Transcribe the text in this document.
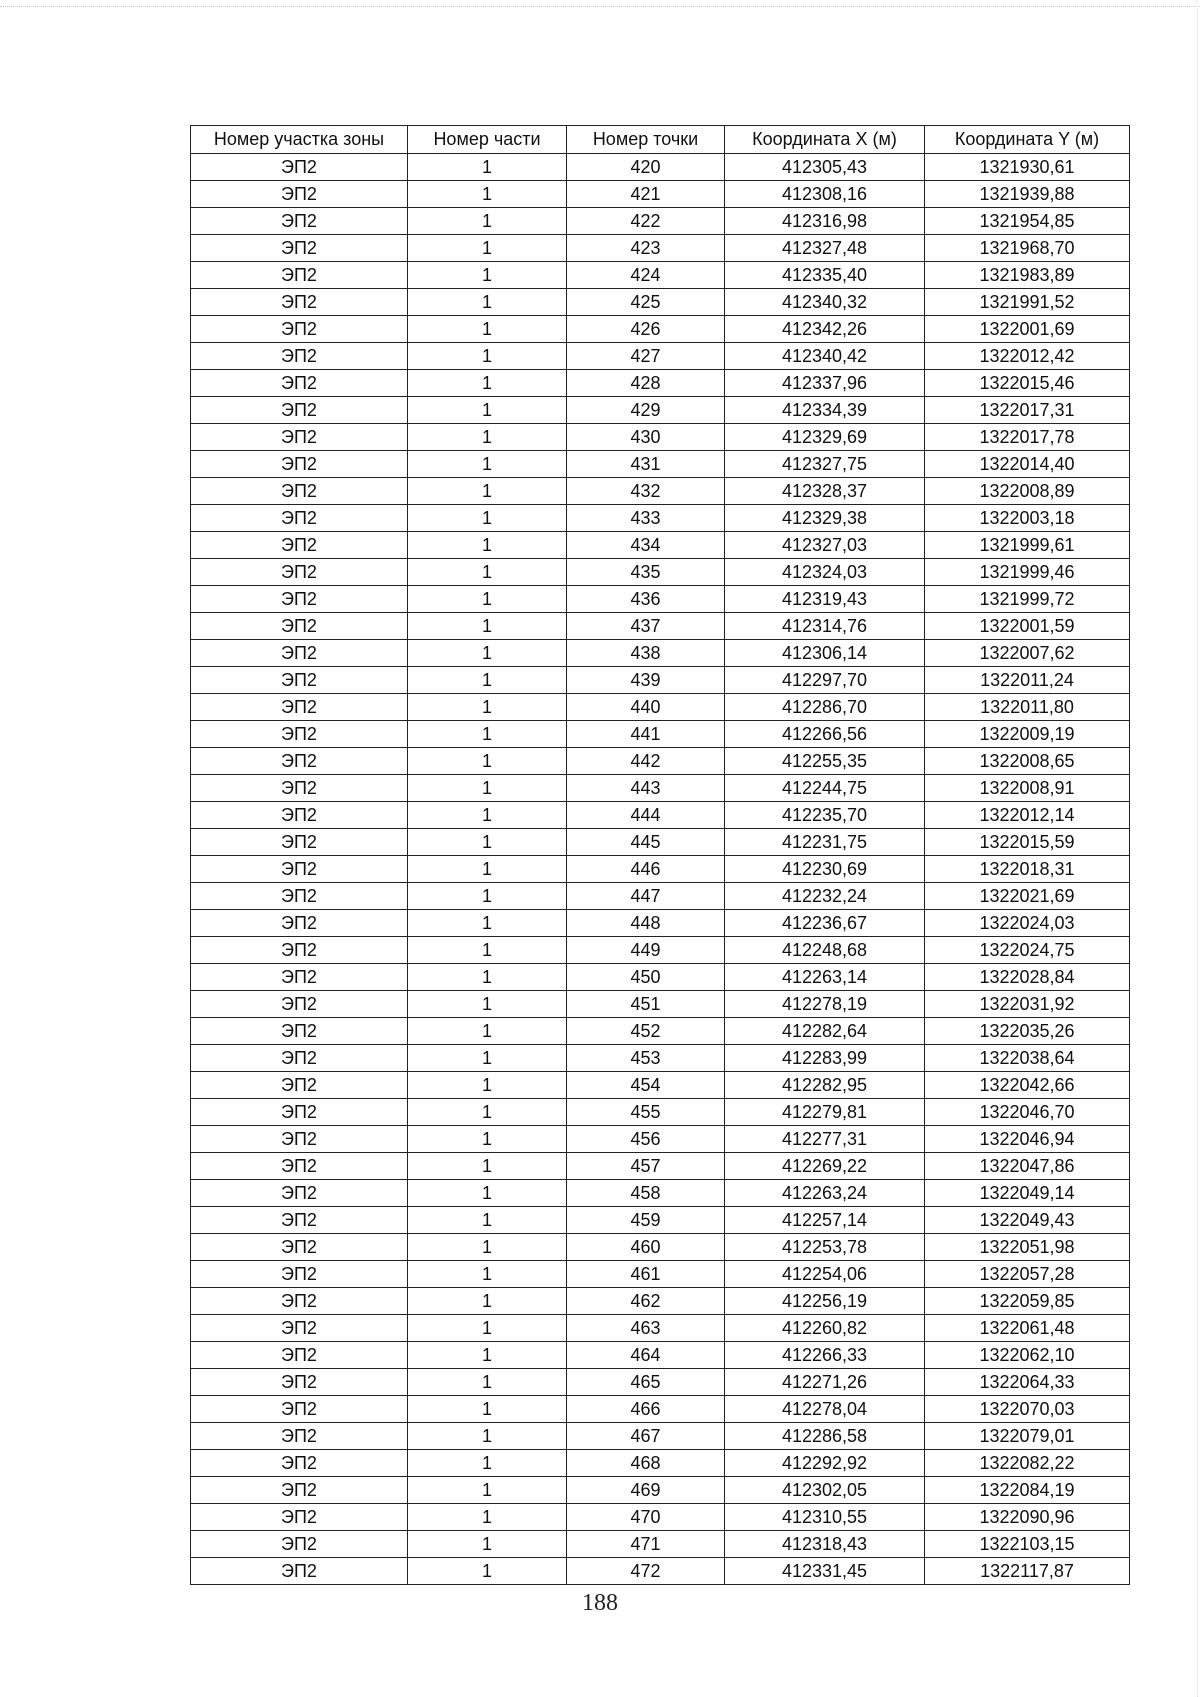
Номер участка зоны	Номер части	Номер точки	Координата X (м)	Координата Y (м)
ЭП2	1	420	412305,43	1321930,61
ЭП2	1	421	412308,16	1321939,88
ЭП2	1	422	412316,98	1321954,85
ЭП2	1	423	412327,48	1321968,70
ЭП2	1	424	412335,40	1321983,89
ЭП2	1	425	412340,32	1321991,52
ЭП2	1	426	412342,26	1322001,69
ЭП2	1	427	412340,42	1322012,42
ЭП2	1	428	412337,96	1322015,46
ЭП2	1	429	412334,39	1322017,31
ЭП2	1	430	412329,69	1322017,78
ЭП2	1	431	412327,75	1322014,40
ЭП2	1	432	412328,37	1322008,89
ЭП2	1	433	412329,38	1322003,18
ЭП2	1	434	412327,03	1321999,61
ЭП2	1	435	412324,03	1321999,46
ЭП2	1	436	412319,43	1321999,72
ЭП2	1	437	412314,76	1322001,59
ЭП2	1	438	412306,14	1322007,62
ЭП2	1	439	412297,70	1322011,24
ЭП2	1	440	412286,70	1322011,80
ЭП2	1	441	412266,56	1322009,19
ЭП2	1	442	412255,35	1322008,65
ЭП2	1	443	412244,75	1322008,91
ЭП2	1	444	412235,70	1322012,14
ЭП2	1	445	412231,75	1322015,59
ЭП2	1	446	412230,69	1322018,31
ЭП2	1	447	412232,24	1322021,69
ЭП2	1	448	412236,67	1322024,03
ЭП2	1	449	412248,68	1322024,75
ЭП2	1	450	412263,14	1322028,84
ЭП2	1	451	412278,19	1322031,92
ЭП2	1	452	412282,64	1322035,26
ЭП2	1	453	412283,99	1322038,64
ЭП2	1	454	412282,95	1322042,66
ЭП2	1	455	412279,81	1322046,70
ЭП2	1	456	412277,31	1322046,94
ЭП2	1	457	412269,22	1322047,86
ЭП2	1	458	412263,24	1322049,14
ЭП2	1	459	412257,14	1322049,43
ЭП2	1	460	412253,78	1322051,98
ЭП2	1	461	412254,06	1322057,28
ЭП2	1	462	412256,19	1322059,85
ЭП2	1	463	412260,82	1322061,48
ЭП2	1	464	412266,33	1322062,10
ЭП2	1	465	412271,26	1322064,33
ЭП2	1	466	412278,04	1322070,03
ЭП2	1	467	412286,58	1322079,01
ЭП2	1	468	412292,92	1322082,22
ЭП2	1	469	412302,05	1322084,19
ЭП2	1	470	412310,55	1322090,96
ЭП2	1	471	412318,43	1322103,15
ЭП2	1	472	412331,45	1322117,87
188
